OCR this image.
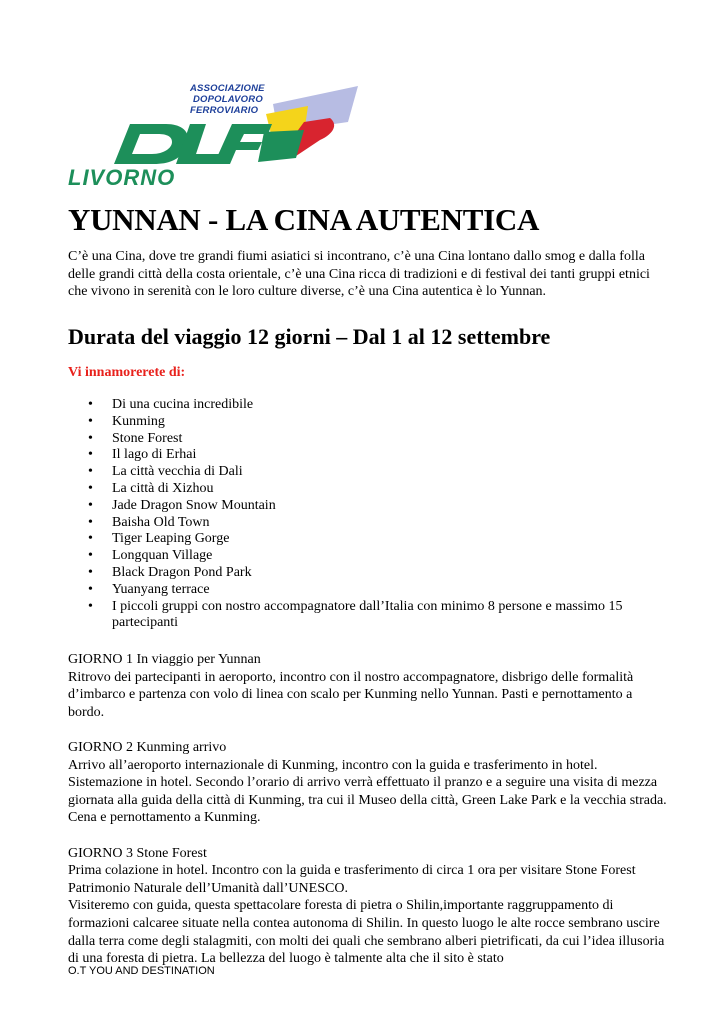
ASSOCIAZIONE
DOPOLAVORO
FERROVIARIO
LIVORNO
YUNNAN - LA CINA AUTENTICA

C’è una Cina, dove tre grandi fiumi asiatici si incontrano, c’è una Cina lontano dallo smog e dalla folla delle grandi città della costa orientale, c’è una Cina ricca di tradizioni e di festival dei tanti gruppi etnici che vivono in serenità con le loro culture diverse, c’è una Cina autentica è lo Yunnan.

Durata del viaggio 12 giorni – Dal 1 al 12 settembre

Vi innamorerete di:

• Di una cucina incredibile
• Kunming
• Stone Forest
• Il lago di Erhai
• La città vecchia di Dali
• La città di Xizhou
• Jade Dragon Snow Mountain
• Baisha Old Town
• Tiger Leaping Gorge
• Longquan Village
• Black Dragon Pond Park
• Yuanyang terrace
• I piccoli gruppi con nostro accompagnatore dall’Italia con minimo 8 persone e massimo 15 partecipanti

GIORNO 1 In viaggio per Yunnan

Ritrovo dei partecipanti in aeroporto, incontro con il nostro accompagnatore, disbrigo delle formalità d’imbarco e partenza con volo di linea con scalo per Kunming nello Yunnan. Pasti e pernottamento a bordo.

GIORNO 2 Kunming arrivo

Arrivo all’aeroporto internazionale di Kunming, incontro con la guida e trasferimento in hotel. Sistemazione in hotel. Secondo l’orario di arrivo verrà effettuato il pranzo e a seguire una visita di mezza giornata alla guida della città di Kunming, tra cui il Museo della città, Green Lake Park e la vecchia strada. Cena e pernottamento a Kunming.

GIORNO 3 Stone Forest

Prima colazione in hotel. Incontro con la guida e trasferimento di circa 1 ora per visitare Stone Forest Patrimonio Naturale dell’Umanità dall’UNESCO.

Visiteremo con guida, questa spettacolare foresta di pietra o Shilin,importante raggruppamento di formazioni calcaree situate nella contea autonoma di Shilin. In questo luogo le alte rocce sembrano uscire dalla terra come degli stalagmiti, con molti dei quali che sembrano alberi pietrificati, da cui l’idea illusoria di una foresta di pietra. La bellezza del luogo è talmente alta che il sito è stato

O.T YOU AND DESTINATION
